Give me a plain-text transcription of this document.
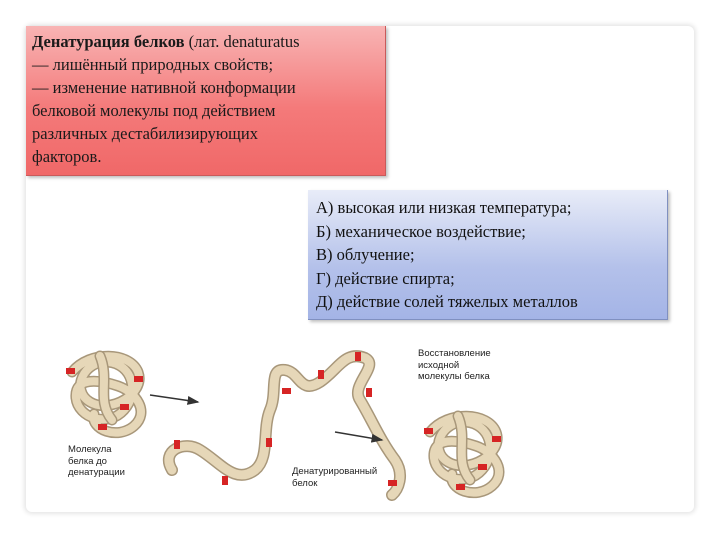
Денатурация белков (лат. denaturatus
— лишённый природных свойств;
— изменение нативной конформации
белковой молекулы под действием
различных дестабилизирующих
факторов.
А) высокая или низкая температура;
Б) механическое воздействие;
В) облучение;
Г) действие спирта;
Д) действие солей тяжелых металлов
Молекула
белка до
денатурации
Восстановление
исходной
молекулы белка
Денатурированный
белок
